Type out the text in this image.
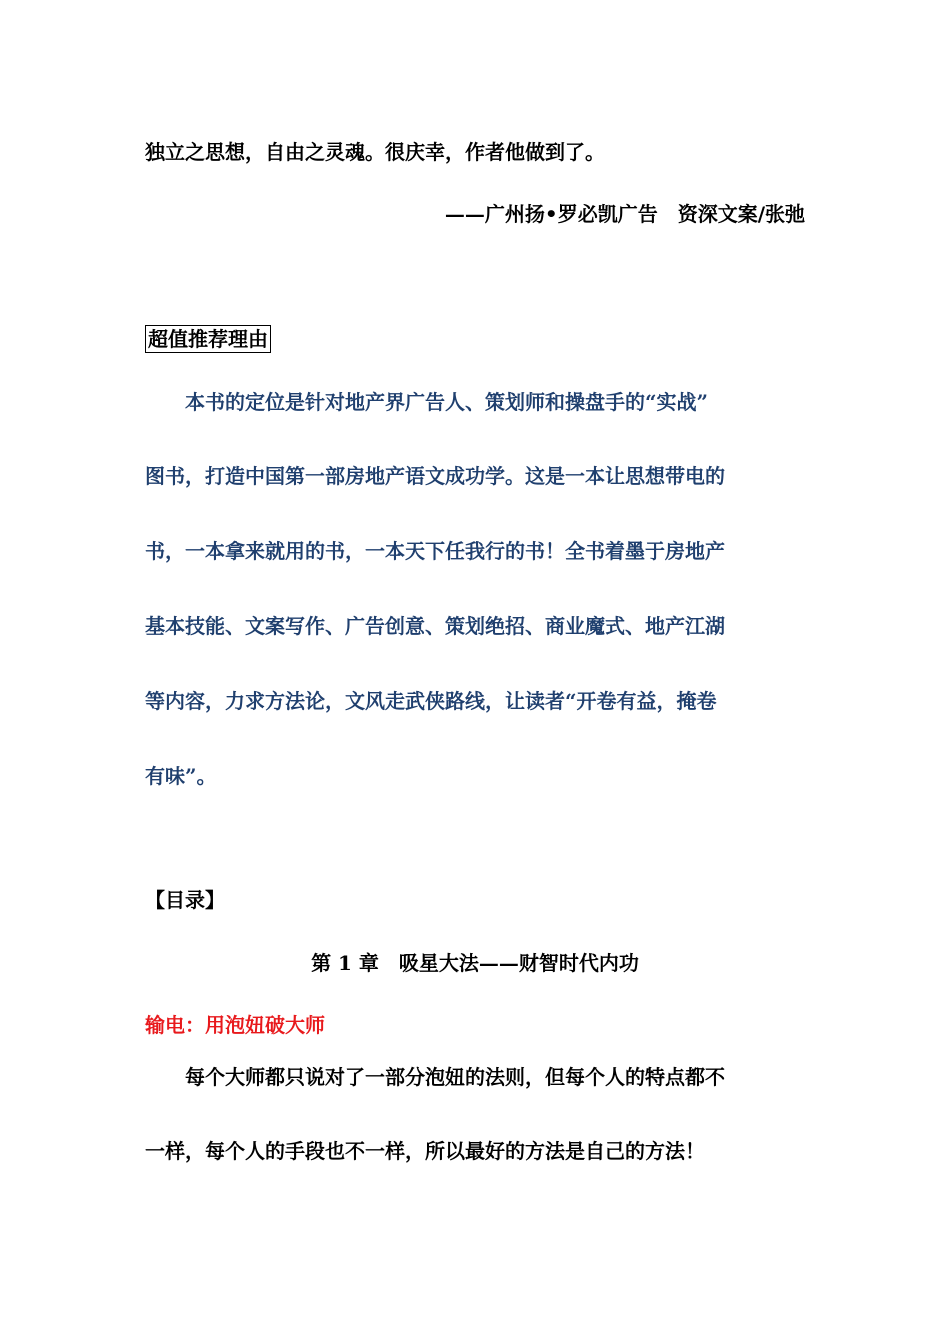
独立之思想，自由之灵魂。很庆幸，作者他做到了。
——广州扬•罗必凯广告　资深文案/张弛
超值推荐理由
　　本书的定位是针对地产界广告人、策划师和操盘手的“实战”
图书，打造中国第一部房地产语文成功学。这是一本让思想带电的
书，一本拿来就用的书，一本天下任我行的书！全书着墨于房地产
基本技能、文案写作、广告创意、策划绝招、商业魔式、地产江湖
等内容，力求方法论，文风走武侠路线，让读者“开卷有益，掩卷
有味”。
【目录】
第 1 章　吸星大法——财智时代内功
输电：用泡妞破大师
　　每个大师都只说对了一部分泡妞的法则，但每个人的特点都不
一样，每个人的手段也不一样，所以最好的方法是自己的方法！
